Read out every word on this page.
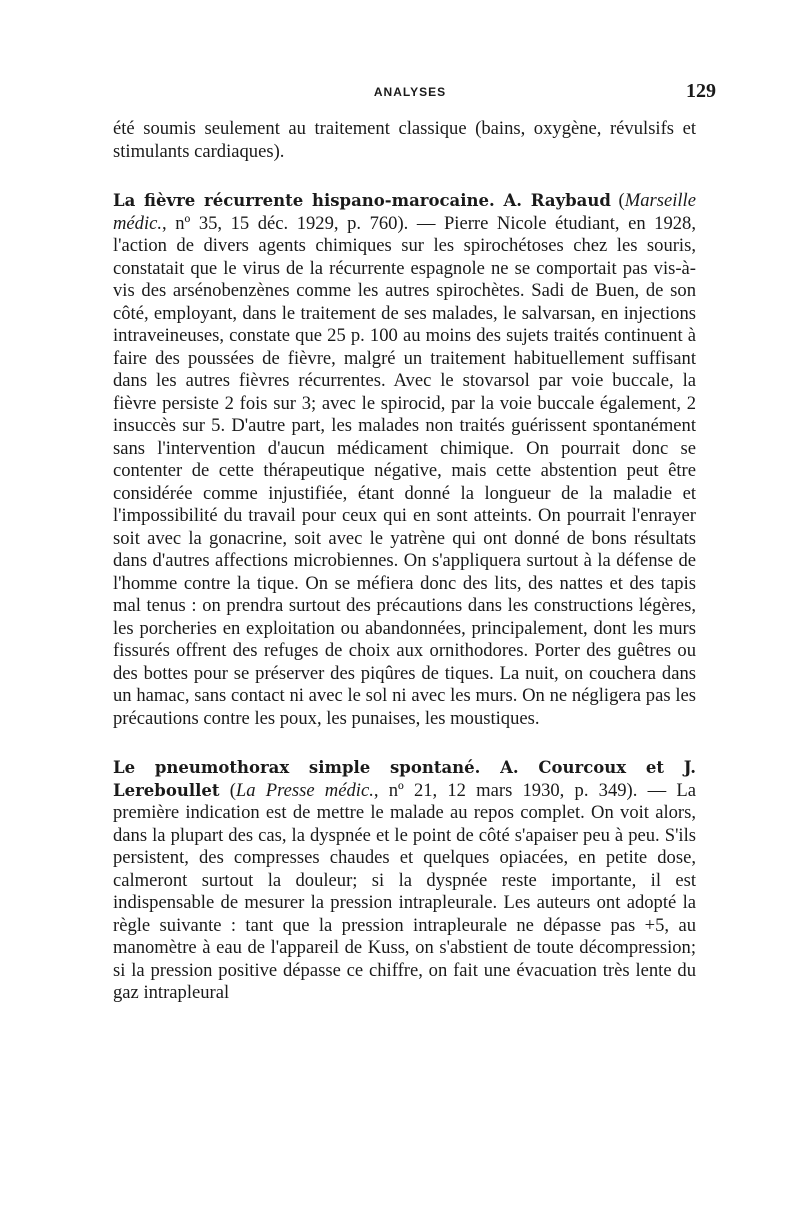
ANALYSES	129

été soumis seulement au traitement classique (bains, oxygène, révulsifs et stimulants cardiaques).

La fièvre récurrente hispano-marocaine. A. Raybaud (Marseille médic., nº 35, 15 déc. 1929, p. 760). — Pierre Nicole étudiant, en 1928, l'action de divers agents chimiques sur les spirochétoses chez les souris, constatait que le virus de la récurrente espagnole ne se comportait pas vis-à-vis des arsénobenzènes comme les autres spirochètes. Sadi de Buen, de son côté, employant, dans le traitement de ses malades, le salvarsan, en injections intraveineuses, constate que 25 p. 100 au moins des sujets traités continuent à faire des poussées de fièvre, malgré un traitement habituellement suffisant dans les autres fièvres récurrentes. Avec le stovarsol par voie buccale, la fièvre persiste 2 fois sur 3; avec le spirocid, par la voie buccale également, 2 insuccès sur 5. D'autre part, les malades non traités guérissent spontanément sans l'intervention d'aucun médicament chimique. On pourrait donc se contenter de cette thérapeutique négative, mais cette abstention peut être considérée comme injustifiée, étant donné la longueur de la maladie et l'impossibilité du travail pour ceux qui en sont atteints. On pourrait l'enrayer soit avec la gonacrine, soit avec le yatrène qui ont donné de bons résultats dans d'autres affections microbiennes. On s'appliquera surtout à la défense de l'homme contre la tique. On se méfiera donc des lits, des nattes et des tapis mal tenus : on prendra surtout des précautions dans les constructions légères, les porcheries en exploitation ou abandonnées, principalement, dont les murs fissurés offrent des refuges de choix aux ornithodores. Porter des guêtres ou des bottes pour se préserver des piqûres de tiques. La nuit, on couchera dans un hamac, sans contact ni avec le sol ni avec les murs. On ne négligera pas les précautions contre les poux, les punaises, les moustiques.

Le pneumothorax simple spontané. A. Courcoux et J. Lereboullet (La Presse médic., nº 21, 12 mars 1930, p. 349). — La première indication est de mettre le malade au repos complet. On voit alors, dans la plupart des cas, la dyspnée et le point de côté s'apaiser peu à peu. S'ils persistent, des compresses chaudes et quelques opiacées, en petite dose, calmeront surtout la douleur; si la dyspnée reste importante, il est indispensable de mesurer la pression intrapleurale. Les auteurs ont adopté la règle suivante : tant que la pression intrapleurale ne dépasse pas +5, au manomètre à eau de l'appareil de Kuss, on s'abstient de toute décompression; si la pression positive dépasse ce chiffre, on fait une évacuation très lente du gaz intrapleural
